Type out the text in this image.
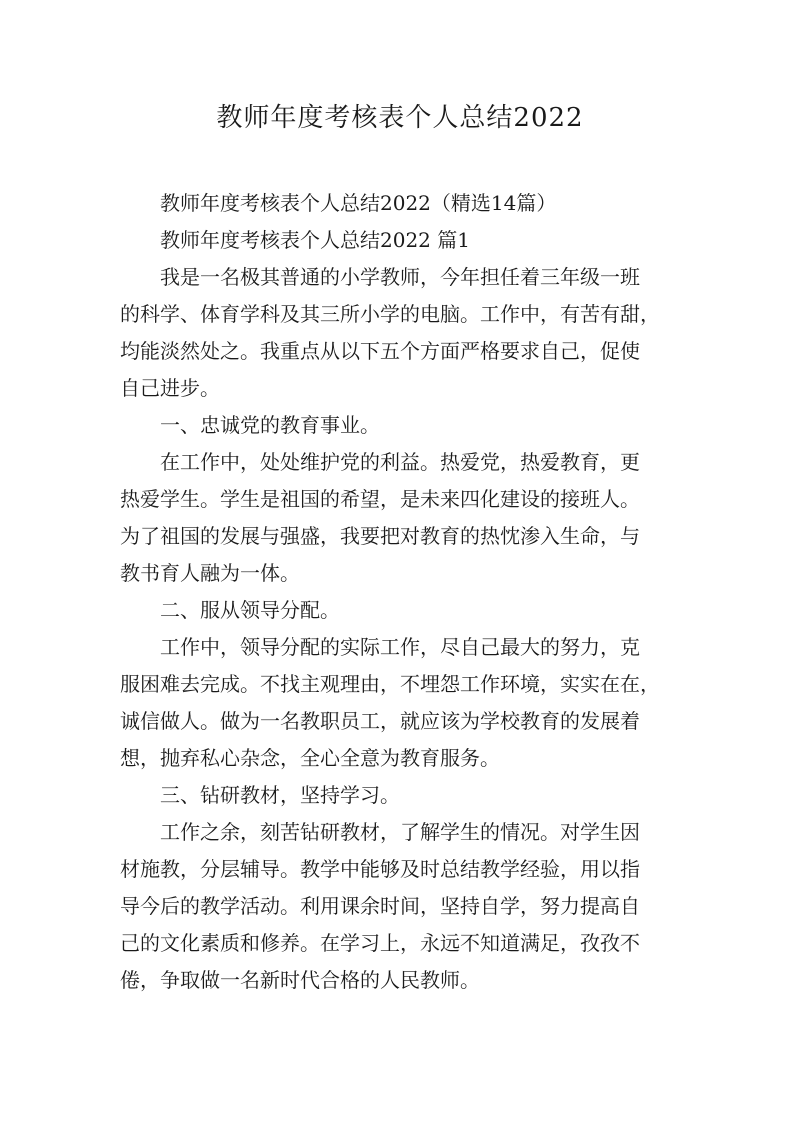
教师年度考核表个人总结2022

　　教师年度考核表个人总结2022（精选14篇）

　　教师年度考核表个人总结2022 篇1

　　我是一名极其普通的小学教师，今年担任着三年级一班

的科学、体育学科及其三所小学的电脑。工作中，有苦有甜，

均能淡然处之。我重点从以下五个方面严格要求自己，促使

自己进步。

　　一、忠诚党的教育事业。

　　在工作中，处处维护党的利益。热爱党，热爱教育，更

热爱学生。学生是祖国的希望，是未来四化建设的接班人。

为了祖国的发展与强盛，我要把对教育的热忱渗入生命，与

教书育人融为一体。

　　二、服从领导分配。

　　工作中，领导分配的实际工作，尽自己最大的努力，克

服困难去完成。不找主观理由，不埋怨工作环境，实实在在，

诚信做人。做为一名教职员工，就应该为学校教育的发展着

想，抛弃私心杂念，全心全意为教育服务。

　　三、钻研教材，坚持学习。

　　工作之余，刻苦钻研教材，了解学生的情况。对学生因

材施教，分层辅导。教学中能够及时总结教学经验，用以指

导今后的教学活动。利用课余时间，坚持自学，努力提高自

己的文化素质和修养。在学习上，永远不知道满足，孜孜不

倦，争取做一名新时代合格的人民教师。
